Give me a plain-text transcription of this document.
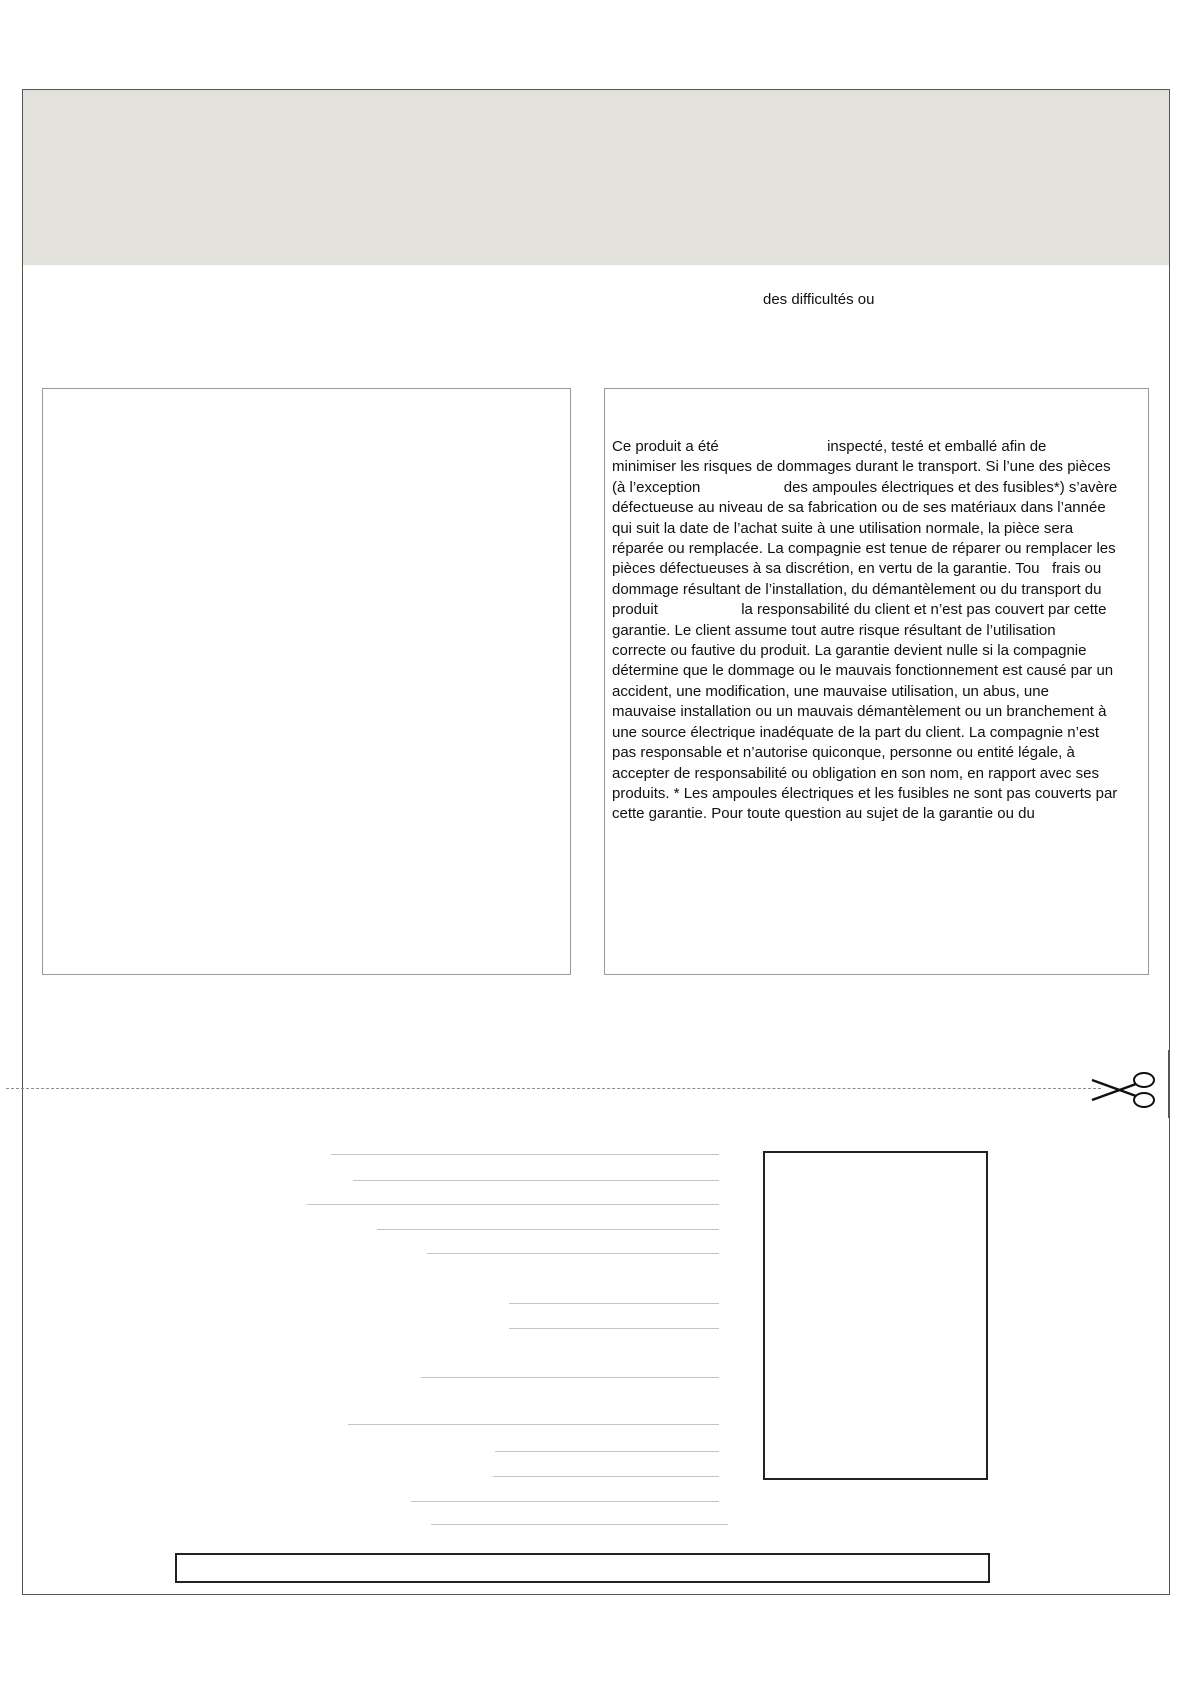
des difficultés ou
Ce produit a été                          inspecté, testé et emballé afin de
minimiser les risques de dommages durant le transport. Si l’une des pièces
(à l’exception                    des ampoules électriques et des fusibles*) s’avère
défectueuse au niveau de sa fabrication ou de ses matériaux dans l’année
qui suit la date de l’achat suite à une utilisation normale, la pièce sera
réparée ou remplacée. La compagnie est tenue de réparer ou remplacer les
pièces défectueuses à sa discrétion, en vertu de la garantie. Tou   frais ou
dommage résultant de l’installation, du démantèlement ou du transport du
produit                    la responsabilité du client et n’est pas couvert par cette
garantie. Le client assume tout autre risque résultant de l’utilisation
correcte ou fautive du produit. La garantie devient nulle si la compagnie
détermine que le dommage ou le mauvais fonctionnement est causé par un
accident, une modification, une mauvaise utilisation, un abus, une
mauvaise installation ou un mauvais démantèlement ou un branchement à
une source électrique inadéquate de la part du client. La compagnie n’est
pas responsable et n’autorise quiconque, personne ou entité légale, à
accepter de responsabilité ou obligation en son nom, en rapport avec ses
produits. * Les ampoules électriques et les fusibles ne sont pas couverts par
cette garantie. Pour toute question au sujet de la garantie ou du
